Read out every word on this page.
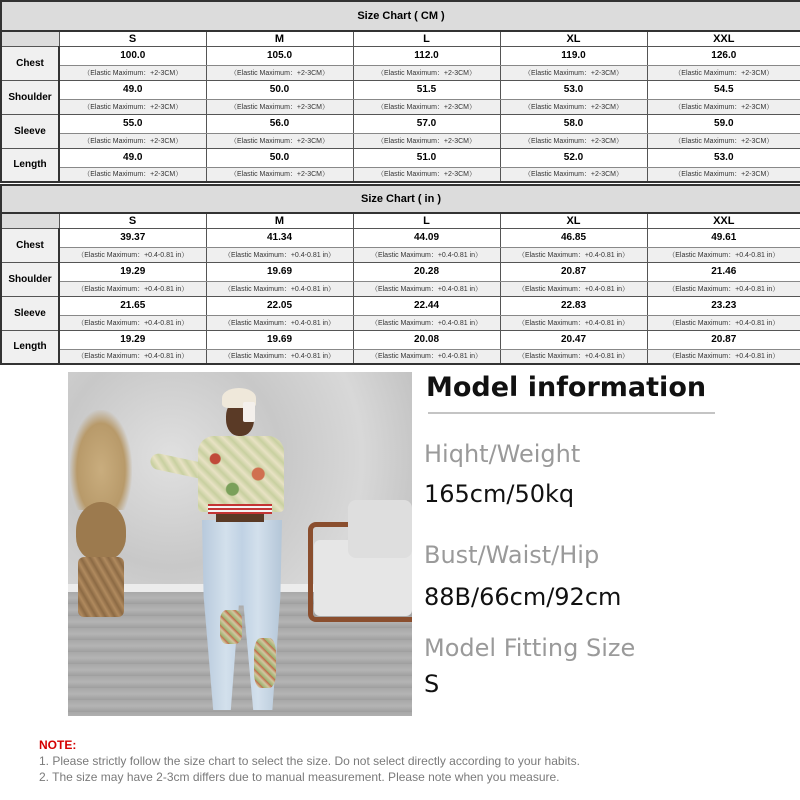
Size Chart ( CM )					
	S	M	L	XL	XXL
Chest	100.0	105.0	112.0	119.0	126.0
	（Elastic Maximum：+2-3CM）	（Elastic Maximum：+2-3CM）	（Elastic Maximum：+2-3CM）	（Elastic Maximum：+2-3CM）	（Elastic Maximum：+2-3CM）
Shoulder	49.0	50.0	51.5	53.0	54.5
	（Elastic Maximum：+2-3CM）	（Elastic Maximum：+2-3CM）	（Elastic Maximum：+2-3CM）	（Elastic Maximum：+2-3CM）	（Elastic Maximum：+2-3CM）
Sleeve	55.0	56.0	57.0	58.0	59.0
	（Elastic Maximum：+2-3CM）	（Elastic Maximum：+2-3CM）	（Elastic Maximum：+2-3CM）	（Elastic Maximum：+2-3CM）	（Elastic Maximum：+2-3CM）
Length	49.0	50.0	51.0	52.0	53.0
	（Elastic Maximum：+2-3CM）	（Elastic Maximum：+2-3CM）	（Elastic Maximum：+2-3CM）	（Elastic Maximum：+2-3CM）	（Elastic Maximum：+2-3CM）
Size Chart ( in )					
	S	M	L	XL	XXL
Chest	39.37	41.34	44.09	46.85	49.61
	（Elastic Maximum：+0.4-0.81 in）	（Elastic Maximum：+0.4-0.81 in）	（Elastic Maximum：+0.4-0.81 in）	（Elastic Maximum：+0.4-0.81 in）	（Elastic Maximum：+0.4-0.81 in）
Shoulder	19.29	19.69	20.28	20.87	21.46
	（Elastic Maximum：+0.4-0.81 in）	（Elastic Maximum：+0.4-0.81 in）	（Elastic Maximum：+0.4-0.81 in）	（Elastic Maximum：+0.4-0.81 in）	（Elastic Maximum：+0.4-0.81 in）
Sleeve	21.65	22.05	22.44	22.83	23.23
	（Elastic Maximum：+0.4-0.81 in）	（Elastic Maximum：+0.4-0.81 in）	（Elastic Maximum：+0.4-0.81 in）	（Elastic Maximum：+0.4-0.81 in）	（Elastic Maximum：+0.4-0.81 in）
Length	19.29	19.69	20.08	20.47	20.87
	（Elastic Maximum：+0.4-0.81 in）	（Elastic Maximum：+0.4-0.81 in）	（Elastic Maximum：+0.4-0.81 in）	（Elastic Maximum：+0.4-0.81 in）	（Elastic Maximum：+0.4-0.81 in）
Model information
Hiqht/Weight
165cm/50kq
Bust/Waist/Hip
88B/66cm/92cm
Model Fitting Size
S
NOTE:
1. Please strictly follow the size chart to select the size. Do not select directly according to your habits.
2. The size may have 2-3cm differs due to manual measurement. Please note when you measure.
